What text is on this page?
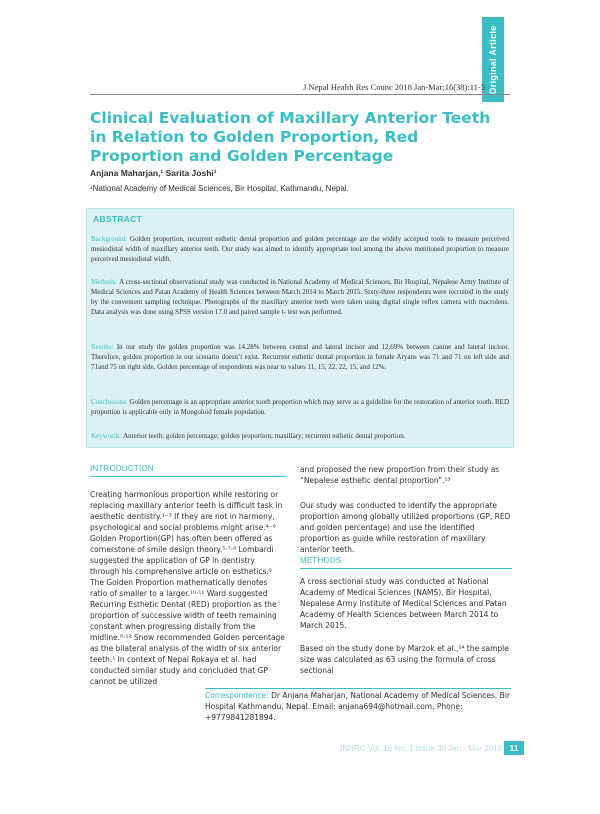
Original Article
J Nepal Health Res Counc 2018 Jan-Mar;16(38):11-5
Clinical Evaluation of Maxillary Anterior Teeth in Relation to Golden Proportion, Red Proportion and Golden Percentage
Anjana Maharjan,¹ Sarita Joshi¹
¹National Academy of Medical Sciences, Bir Hospital, Kathmandu, Nepal.
ABSTRACT

Background: Golden proportion, recurrent esthetic dental proportion and golden percentage are the widely accepted tools to measure perceived mesiodistal width of maxillary anterior teeth. Our study was aimed to identify appropriate tool among the above mentioned proportion to measure perceived mesiodistal width.

Methods: A cross-sectional observational study was conducted in National Academy of Medical Sciences, Bir Hospital, Nepalese Army Institute of Medical Sciences and Patan Academy of Health Sciences between March 2014 to March 2015. Sixty-three respondents were recruited in the study by the convenient sampling technique. Photographs of the maxillary anterior teeth were taken using digital single reflex camera with macrolens. Data analysis was done using SPSS version 17.0 and paired sample t- test was performed.

Results: In our study the golden proportion was 14.28% between central and lateral incisor and 12.69% between canine and lateral incisor. Therefore, golden proportion in our scenario doesn’t exist. Recurrent esthetic dental proportion in female Aryans was 71 and 71 on left side and 71and 75 on right side. Golden percentage of respondents was near to values 11, 15, 22, 22, 15, and 12%.

Conclusions: Golden percentage is an appropriate anterior tooth proportion which may serve as a guideline for the restoration of anterior tooth. RED proportion is applicable only in Mongoloid female population.

Keywords: Anterior teeth; golden percentage; golden proportion; maxillary; recurrent esthetic dental proportion.

INTRODUCTION

Creating harmonious proportion while restoring or replacing maxillary anterior teeth is difficult task in aesthetic dentistry.¹⁻³ If they are not in harmony, psychological and social problems might arise.⁴⁻⁶ Golden Proportion(GP) has often been offered as cornerstone of smile design theory.⁵·⁷·⁸ Lombardi suggested the application of GP in dentistry through his comprehensive article on esthetics.⁹ The Golden Proportion mathematically denotes ratio of smaller to a larger.¹⁰·¹¹ Ward suggested Recurring Esthetic Dental (RED) proportion as the proportion of successive width of teeth remaining constant when progressing distally from the midline.⁶·¹² Snow recommended Golden percentage as the bilateral analysis of the width of six anterior teeth.¹ In context of Nepal Rokaya et al. had conducted similar study and concluded that GP cannot be utilized

and proposed the new proportion from their study as “Nepalese esthetic dental proportion”.¹³

Our study was conducted to identify the appropriate proportion among globally utilized proportions (GP, RED and golden percentage) and use the identified proportion as guide while restoration of maxillary anterior teeth.

METHODS

A cross sectional study was conducted at National Academy of Medical Sciences (NAMS), Bir Hospital, Nepalese Army Institute of Medical Sciences and Patan Academy of Health Sciences between March 2014 to March 2015.

Based on the study done by Marzok et al.,¹⁴ the sample size was calculated as 63 using the formula of cross sectional

Correspondence: Dr Anjana Maharjan, National Academy of Medical Sciences, Bir Hospital Kathmandu, Nepal. Email: anjana694@hotmail.com, Phone: +9779841281894.

JNHRC Vol. 16 No. 1 Issue 38 Jan - Mar 2018 11
